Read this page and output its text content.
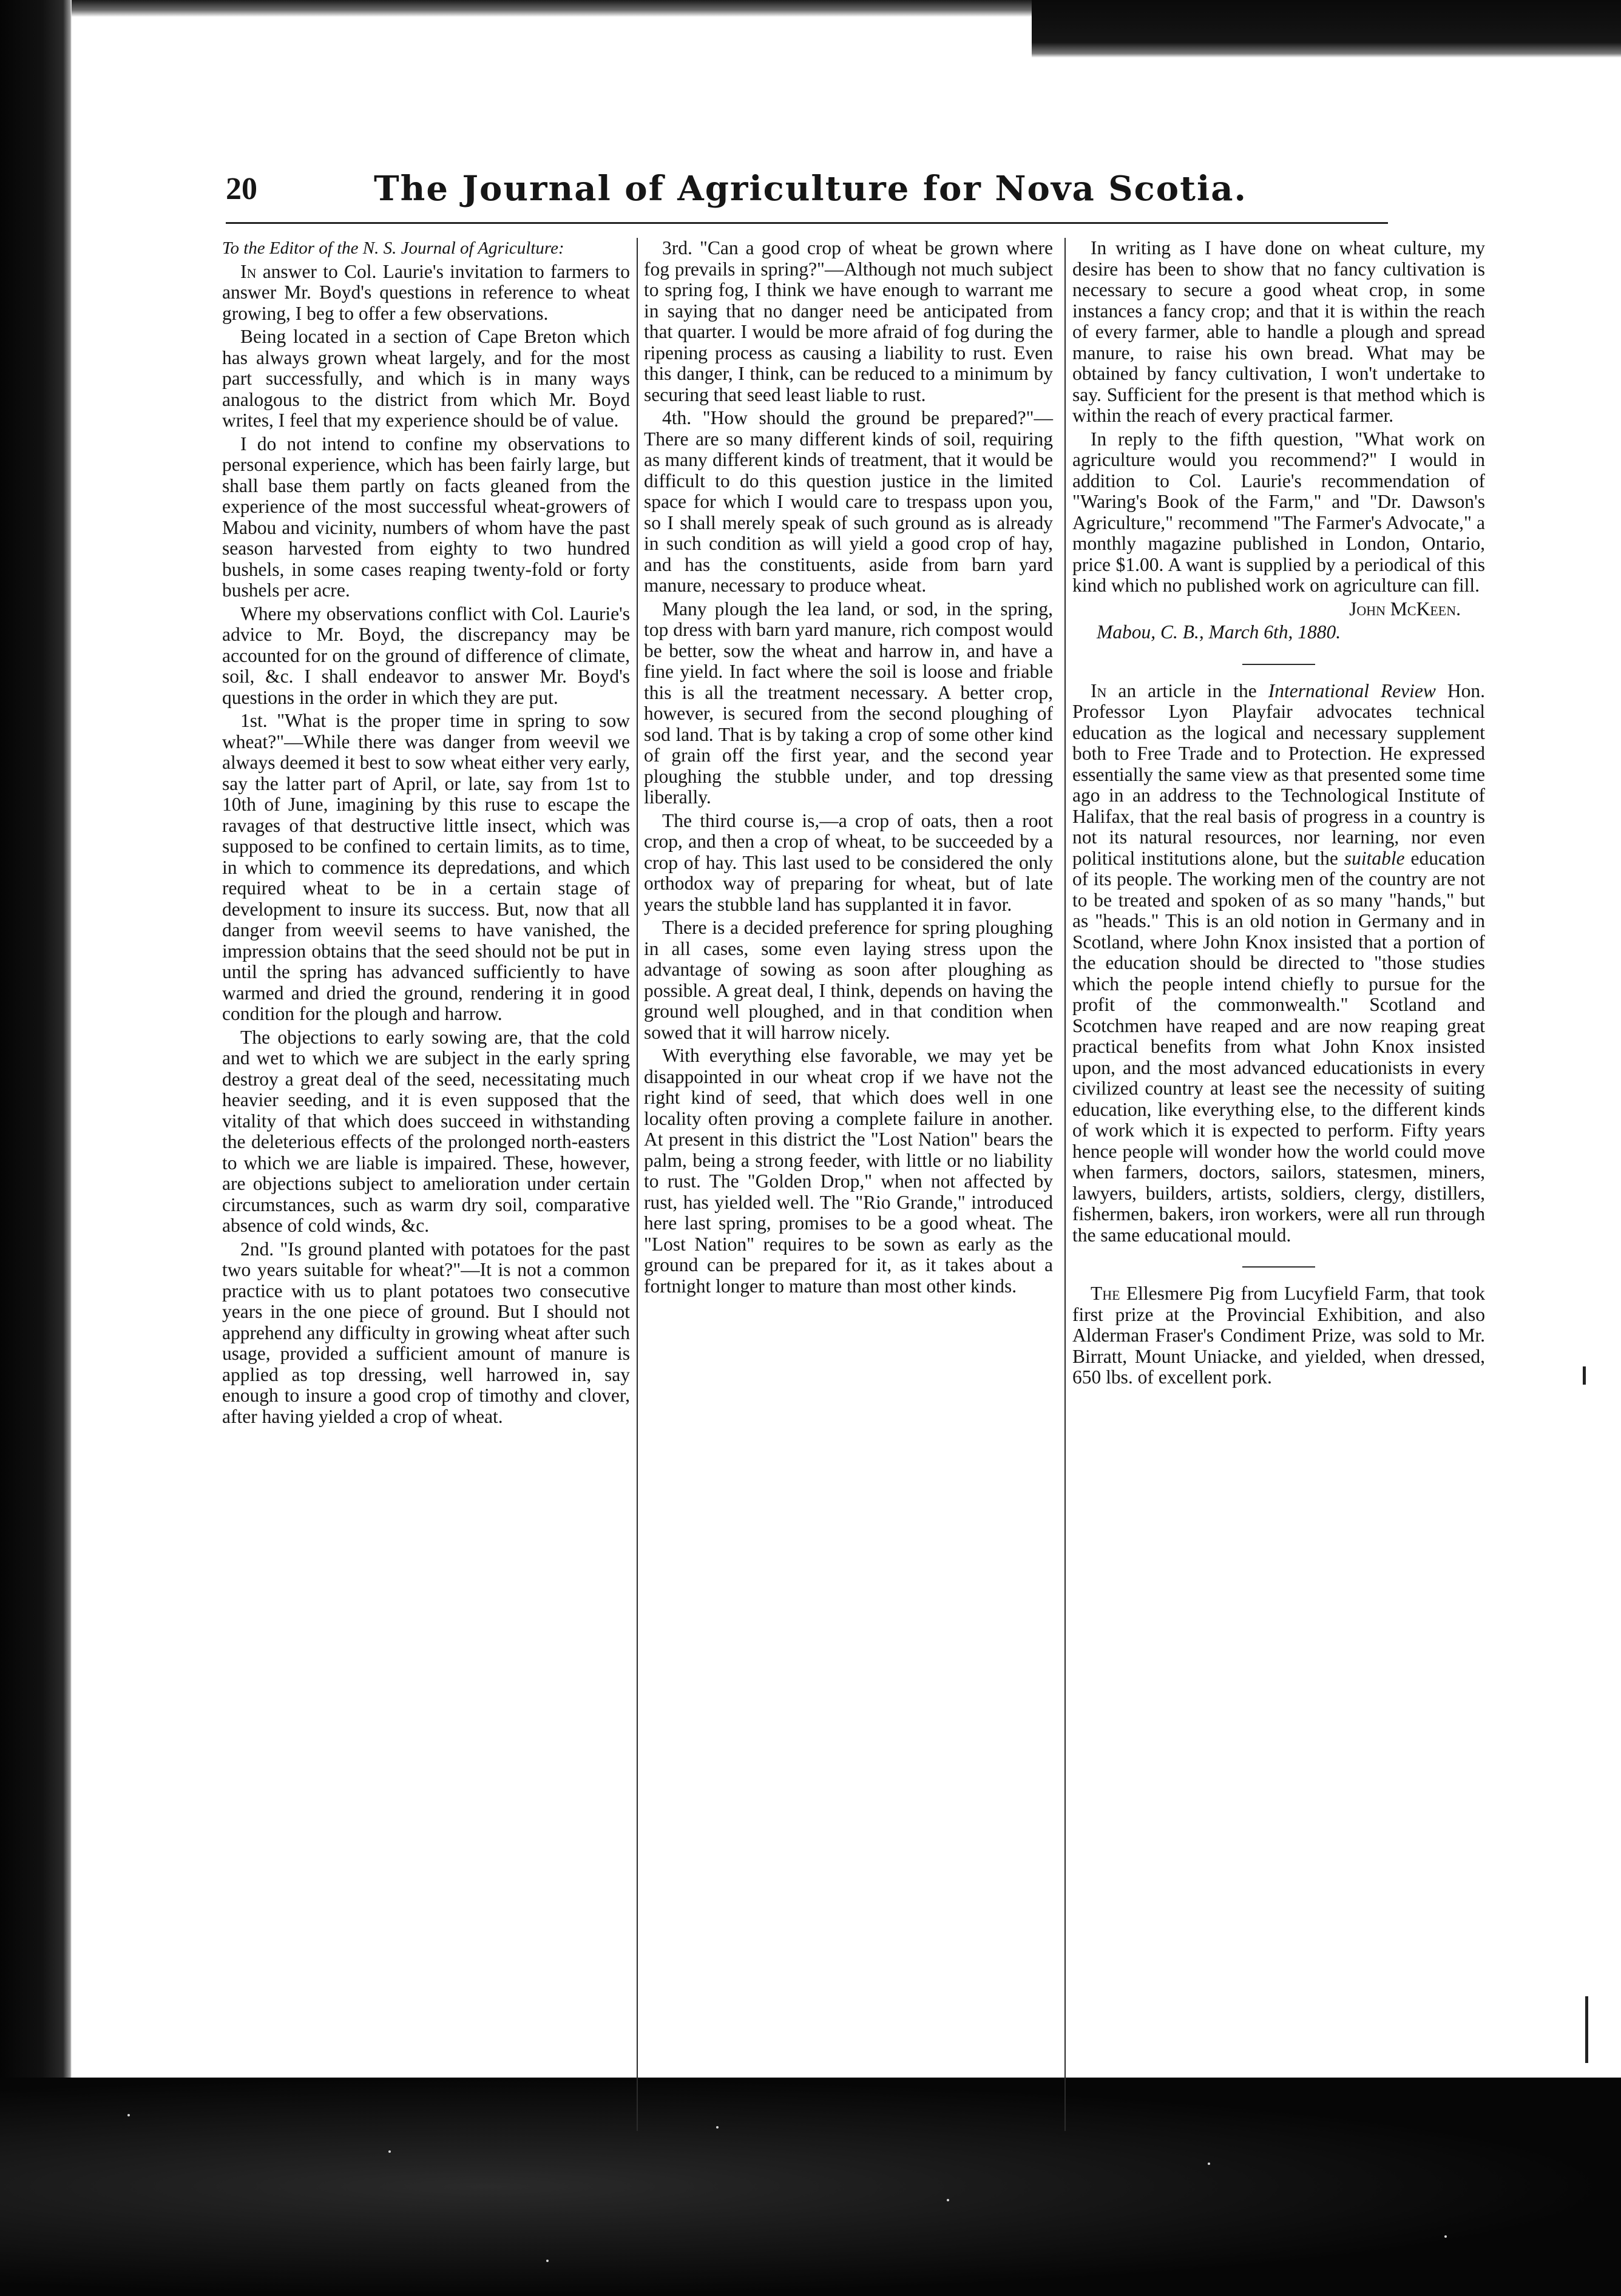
20	The Journal of Agriculture for Nova Scotia.

To the Editor of the N. S. Journal of Agriculture:

In answer to Col. Laurie's invitation to farmers to answer Mr. Boyd's questions in reference to wheat growing, I beg to offer a few observations.

Being located in a section of Cape Breton which has always grown wheat largely, and for the most part successfully, and which is in many ways analogous to the district from which Mr. Boyd writes, I feel that my experience should be of value.

I do not intend to confine my observations to personal experience, which has been fairly large, but shall base them partly on facts gleaned from the experience of the most successful wheat-growers of Mabou and vicinity, numbers of whom have the past season harvested from eighty to two hundred bushels, in some cases reaping twenty-fold or forty bushels per acre.

Where my observations conflict with Col. Laurie's advice to Mr. Boyd, the discrepancy may be accounted for on the ground of difference of climate, soil, &c. I shall endeavor to answer Mr. Boyd's questions in the order in which they are put.

1st. "What is the proper time in spring to sow wheat?"—While there was danger from weevil we always deemed it best to sow wheat either very early, say the latter part of April, or late, say from 1st to 10th of June, imagining by this ruse to escape the ravages of that destructive little insect, which was supposed to be confined to certain limits, as to time, in which to commence its depredations, and which required wheat to be in a certain stage of development to insure its success. But, now that all danger from weevil seems to have vanished, the impression obtains that the seed should not be put in until the spring has advanced sufficiently to have warmed and dried the ground, rendering it in good condition for the plough and harrow.

The objections to early sowing are, that the cold and wet to which we are subject in the early spring destroy a great deal of the seed, necessitating much heavier seeding, and it is even supposed that the vitality of that which does succeed in withstanding the deleterious effects of the prolonged north-easters to which we are liable is impaired. These, however, are objections subject to amelioration under certain circumstances, such as warm dry soil, comparative absence of cold winds, &c.

2nd. "Is ground planted with potatoes for the past two years suitable for wheat?"—It is not a common practice with us to plant potatoes two consecutive years in the one piece of ground. But I should not apprehend any difficulty in growing wheat after such usage, provided a sufficient amount of manure is applied as top dressing, well harrowed in, say enough to insure a good crop of timothy and clover, after having yielded a crop of wheat.

3rd. "Can a good crop of wheat be grown where fog prevails in spring?"—Although not much subject to spring fog, I think we have enough to warrant me in saying that no danger need be anticipated from that quarter. I would be more afraid of fog during the ripening process as causing a liability to rust. Even this danger, I think, can be reduced to a minimum by securing that seed least liable to rust.

4th. "How should the ground be prepared?"—There are so many different kinds of soil, requiring as many different kinds of treatment, that it would be difficult to do this question justice in the limited space for which I would care to trespass upon you, so I shall merely speak of such ground as is already in such condition as will yield a good crop of hay, and has the constituents, aside from barn yard manure, necessary to produce wheat.

Many plough the lea land, or sod, in the spring, top dress with barn yard manure, rich compost would be better, sow the wheat and harrow in, and have a fine yield. In fact where the soil is loose and friable this is all the treatment necessary. A better crop, however, is secured from the second ploughing of sod land. That is by taking a crop of some other kind of grain off the first year, and the second year ploughing the stubble under, and top dressing liberally.

The third course is,—a crop of oats, then a root crop, and then a crop of wheat, to be succeeded by a crop of hay. This last used to be considered the only orthodox way of preparing for wheat, but of late years the stubble land has supplanted it in favor.

There is a decided preference for spring ploughing in all cases, some even laying stress upon the advantage of sowing as soon after ploughing as possible. A great deal, I think, depends on having the ground well ploughed, and in that condition when sowed that it will harrow nicely.

With everything else favorable, we may yet be disappointed in our wheat crop if we have not the right kind of seed, that which does well in one locality often proving a complete failure in another. At present in this district the "Lost Nation" bears the palm, being a strong feeder, with little or no liability to rust. The "Golden Drop," when not affected by rust, has yielded well. The "Rio Grande," introduced here last spring, promises to be a good wheat. The "Lost Nation" requires to be sown as early as the ground can be prepared for it, as it takes about a fortnight longer to mature than most other kinds.

In writing as I have done on wheat culture, my desire has been to show that no fancy cultivation is necessary to secure a good wheat crop, in some instances a fancy crop; and that it is within the reach of every farmer, able to handle a plough and spread manure, to raise his own bread. What may be obtained by fancy cultivation, I won't undertake to say. Sufficient for the present is that method which is within the reach of every practical farmer.

In reply to the fifth question, "What work on agriculture would you recommend?" I would in addition to Col. Laurie's recommendation of "Waring's Book of the Farm," and "Dr. Dawson's Agriculture," recommend "The Farmer's Advocate," a monthly magazine published in London, Ontario, price $1.00. A want is supplied by a periodical of this kind which no published work on agriculture can fill.

John McKeen.

Mabou, C. B., March 6th, 1880.

In an article in the International Review Hon. Professor Lyon Playfair advocates technical education as the logical and necessary supplement both to Free Trade and to Protection. He expressed essentially the same view as that presented some time ago in an address to the Technological Institute of Halifax, that the real basis of progress in a country is not its natural resources, nor learning, nor even political institutions alone, but the suitable education of its people. The working men of the country are not to be treated and spoken of as so many "hands," but as "heads." This is an old notion in Germany and in Scotland, where John Knox insisted that a portion of the education should be directed to "those studies which the people intend chiefly to pursue for the profit of the commonwealth." Scotland and Scotchmen have reaped and are now reaping great practical benefits from what John Knox insisted upon, and the most advanced educationists in every civilized country at least see the necessity of suiting education, like everything else, to the different kinds of work which it is expected to perform. Fifty years hence people will wonder how the world could move when farmers, doctors, sailors, statesmen, miners, lawyers, builders, artists, soldiers, clergy, distillers, fishermen, bakers, iron workers, were all run through the same educational mould.

The Ellesmere Pig from Lucyfield Farm, that took first prize at the Provincial Exhibition, and also Alderman Fraser's Condiment Prize, was sold to Mr. Birratt, Mount Uniacke, and yielded, when dressed, 650 lbs. of excellent pork.
